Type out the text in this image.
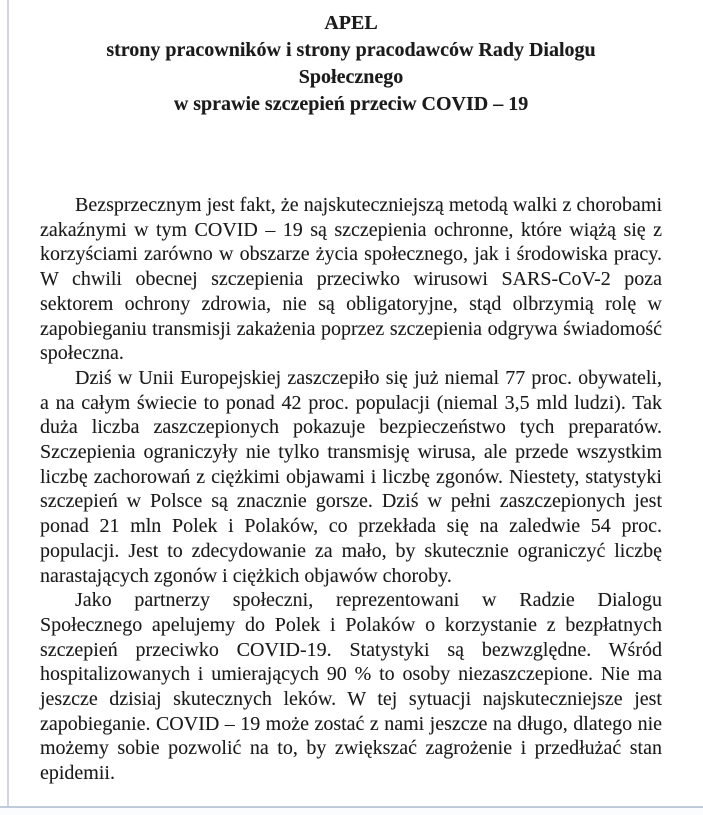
APEL
strony pracowników i strony pracodawców Rady Dialogu
Społecznego
w sprawie szczepień przeciw COVID – 19

Bezsprzecznym jest fakt, że najskuteczniejszą metodą walki z chorobami zakaźnymi w tym COVID – 19 są szczepienia ochronne, które wiążą się z korzyściami zarówno w obszarze życia społecznego, jak i środowiska pracy. W chwili obecnej szczepienia przeciwko wirusowi SARS-CoV-2 poza sektorem ochrony zdrowia, nie są obligatoryjne, stąd olbrzymią rolę w zapobieganiu transmisji zakażenia poprzez szczepienia odgrywa świadomość społeczna.

Dziś w Unii Europejskiej zaszczepiło się już niemal 77 proc. obywateli, a na całym świecie to ponad 42 proc. populacji (niemal 3,5 mld ludzi). Tak duża liczba zaszczepionych pokazuje bezpieczeństwo tych preparatów. Szczepienia ograniczyły nie tylko transmisję wirusa, ale przede wszystkim liczbę zachorowań z ciężkimi objawami i liczbę zgonów. Niestety, statystyki szczepień w Polsce są znacznie gorsze. Dziś w pełni zaszczepionych jest ponad 21 mln Polek i Polaków, co przekłada się na zaledwie 54 proc. populacji. Jest to zdecydowanie za mało, by skutecznie ograniczyć liczbę narastających zgonów i ciężkich objawów choroby.

Jako partnerzy społeczni, reprezentowani w Radzie Dialogu Społecznego apelujemy do Polek i Polaków o korzystanie z bezpłatnych szczepień przeciwko COVID-19. Statystyki są bezwzględne. Wśród hospitalizowanych i umierających 90 % to osoby niezaszczepione. Nie ma jeszcze dzisiaj skutecznych leków. W tej sytuacji najskuteczniejsze jest zapobieganie. COVID – 19 może zostać z nami jeszcze na długo, dlatego nie możemy sobie pozwolić na to, by zwiększać zagrożenie i przedłużać stan epidemii.
